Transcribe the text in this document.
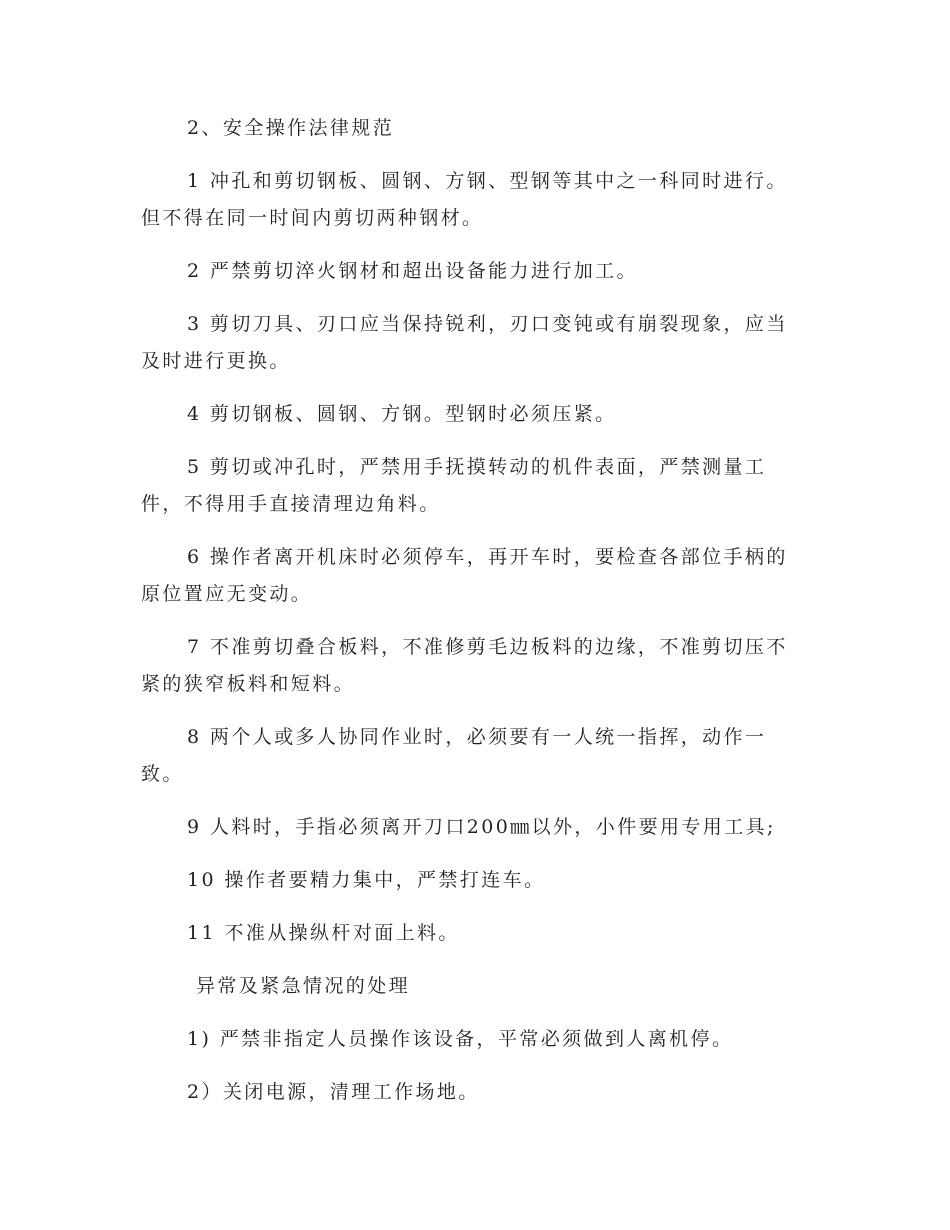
2、安全操作法律规范

1 冲孔和剪切钢板、圆钢、方钢、型钢等其中之一科同时进行。但不得在同一时间内剪切两种钢材。

2 严禁剪切淬火钢材和超出设备能力进行加工。

3 剪切刀具、刃口应当保持锐利，刃口变钝或有崩裂现象，应当及时进行更换。

4 剪切钢板、圆钢、方钢。型钢时必须压紧。

5 剪切或冲孔时，严禁用手抚摸转动的机件表面，严禁测量工件，不得用手直接清理边角料。

6 操作者离开机床时必须停车，再开车时，要检查各部位手柄的原位置应无变动。

7 不准剪切叠合板料，不准修剪毛边板料的边缘，不准剪切压不紧的狭窄板料和短料。

8 两个人或多人协同作业时，必须要有一人统一指挥，动作一致。

9 人料时，手指必须离开刀口200㎜以外，小件要用专用工具;

10 操作者要精力集中，严禁打连车。

11 不准从操纵杆对面上料。

异常及紧急情况的处理

1) 严禁非指定人员操作该设备，平常必须做到人离机停。

2）关闭电源，清理工作场地。
